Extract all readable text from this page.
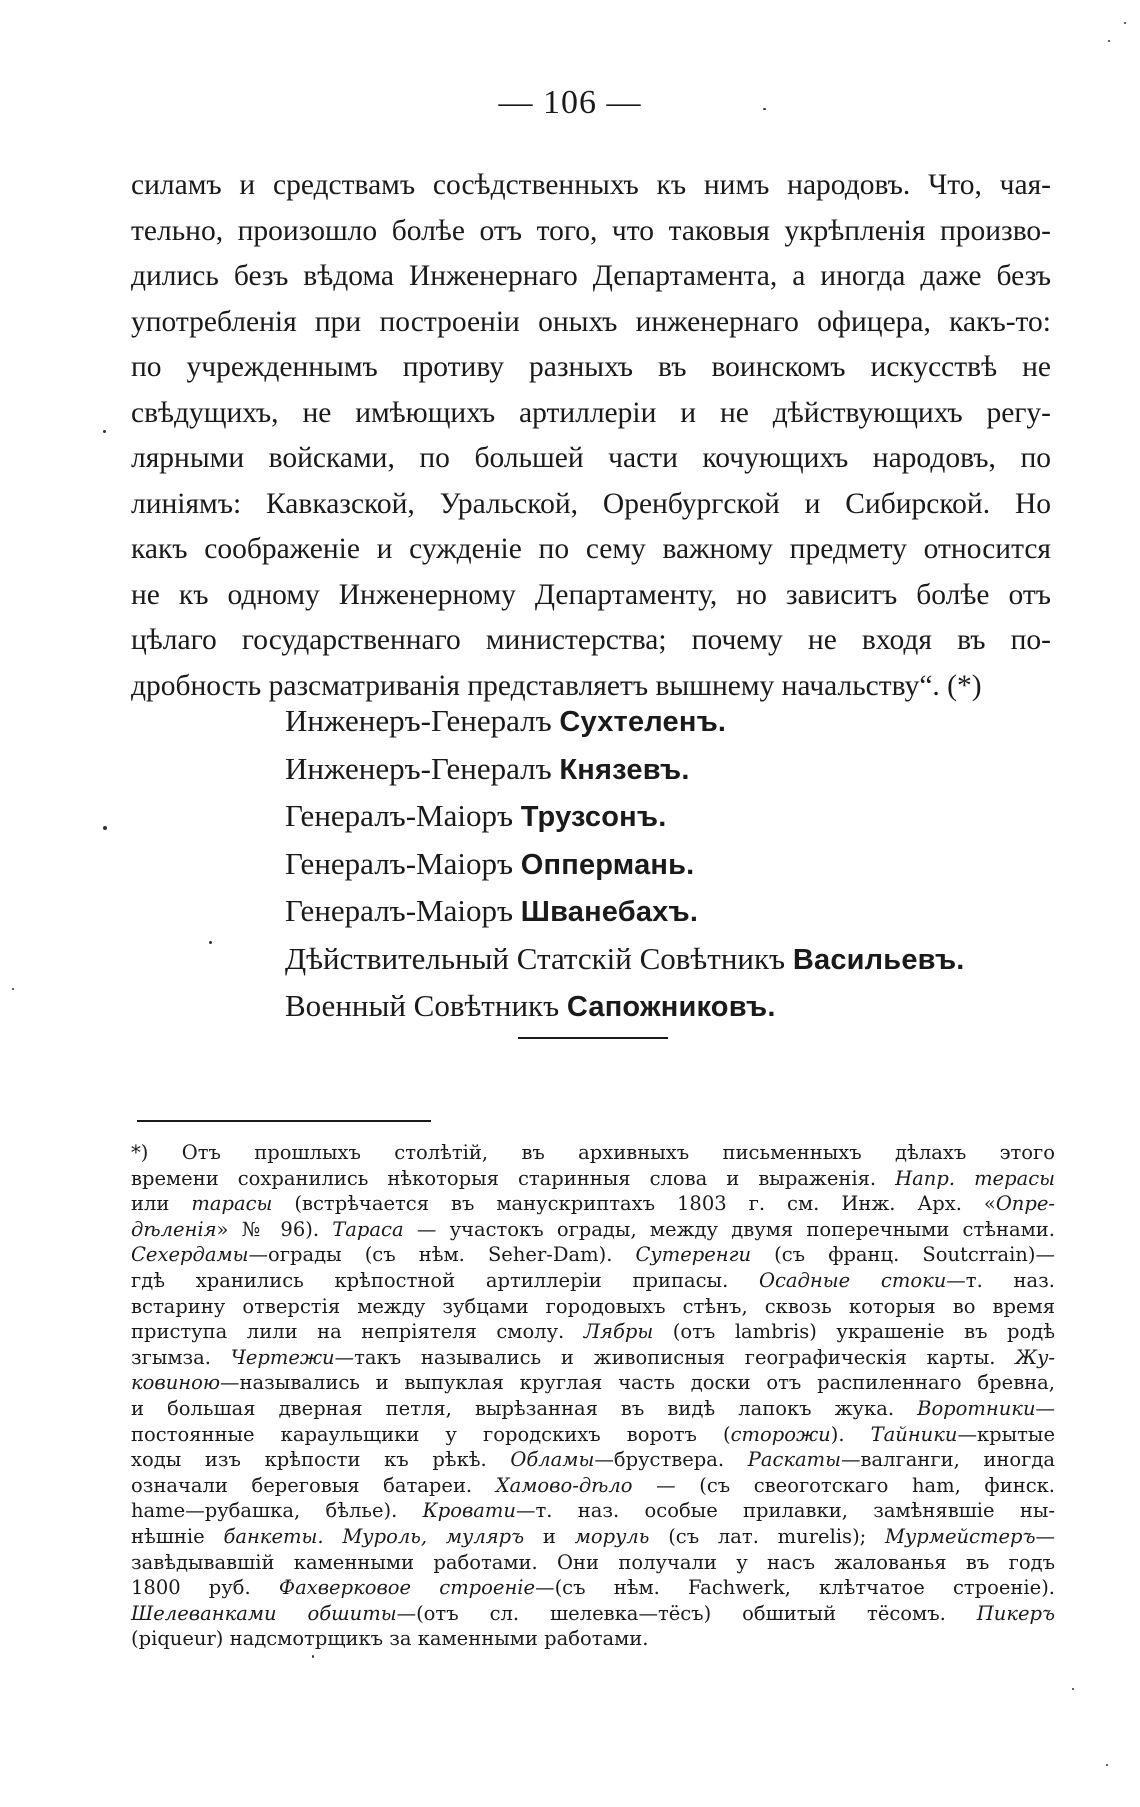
— 106 —
силамъ и средствамъ сосѣдственныхъ къ нимъ народовъ. Что, чая-
тельно, произошло болѣе отъ того, что таковыя укрѣпленія произво-
дились безъ вѣдома Инженернаго Департамента, а иногда даже безъ
употребленія при построеніи оныхъ инженернаго офицера, какъ-то:
по учрежденнымъ противу разныхъ въ воинскомъ искусствѣ не
свѣдущихъ, не имѣющихъ артиллеріи и не дѣйствующихъ регу-
лярными войсками, по большей части кочующихъ народовъ, по
линіямъ: Кавказской, Уральской, Оренбургской и Сибирской. Но
какъ соображеніе и сужденіе по сему важному предмету относится
не къ одному Инженерному Департаменту, но зависитъ болѣе отъ
цѣлаго государственнаго министерства; почему не входя въ по-
дробность разсматриванія представляетъ вышнему начальству“. (*)
Инженеръ-Генералъ Сухтеленъ.
Инженеръ-Генералъ Князевъ.
Генералъ-Маіоръ Трузсонъ.
Генералъ-Маіоръ Оппермань.
Генералъ-Маіоръ Шванебахъ.
Дѣйствительный Статскій Совѣтникъ Васильевъ.
Военный Совѣтникъ Сапожниковъ.
*) Отъ прошлыхъ столѣтій, въ архивныхъ письменныхъ дѣлахъ этого
времени сохранились нѣкоторыя старинныя слова и выраженія. Напр. терасы
или тарасы (встрѣчается въ манускриптахъ 1803 г. см. Инж. Арх. «Опре-
дѣленія» № 96). Тараса — участокъ ограды, между двумя поперечными стѣнами.
Сехердамы—ограды (съ нѣм. Seher-Dam). Сутеренги (съ франц. Soutcrrain)—
гдѣ хранились крѣпостной артиллеріи припасы. Осадные стоки—т. наз.
встарину отверстія между зубцами городовыхъ стѣнъ, сквозь которыя во время
приступа лили на непріятеля смолу. Лябры (отъ lambris) украшеніе въ родѣ
згымза. Чертежи—такъ назывались и живописныя географическія карты. Жу-
ковиною—назывались и выпуклая круглая часть доски отъ распиленнаго бревна,
и большая дверная петля, вырѣзанная въ видѣ лапокъ жука. Воротники—
постоянные караульщики у городскихъ воротъ (сторожи). Тайники—крытые
ходы изъ крѣпости къ рѣкѣ. Обламы—бруствера. Раскаты—валганги, иногда
означали береговыя батареи. Хамово-дѣло — (съ свеоготскаго ham, финск.
hame—рубашка, бѣлье). Кровати—т. наз. особые прилавки, замѣнявшіе ны-
нѣшніе банкеты. Муроль, муляръ и моруль (съ лат. murelis); Мурмейстеръ—
завѣдывавшій каменными работами. Они получали у насъ жалованья въ годъ
1800 руб. Фахверковое строеніе—(съ нѣм. Fachwerk, клѣтчатое строеніе).
Шелеванками обшиты—(отъ сл. шелевка—тёсъ) обшитый тёсомъ. Пикеръ
(piqueur) надсмотрщикъ за каменными работами.
